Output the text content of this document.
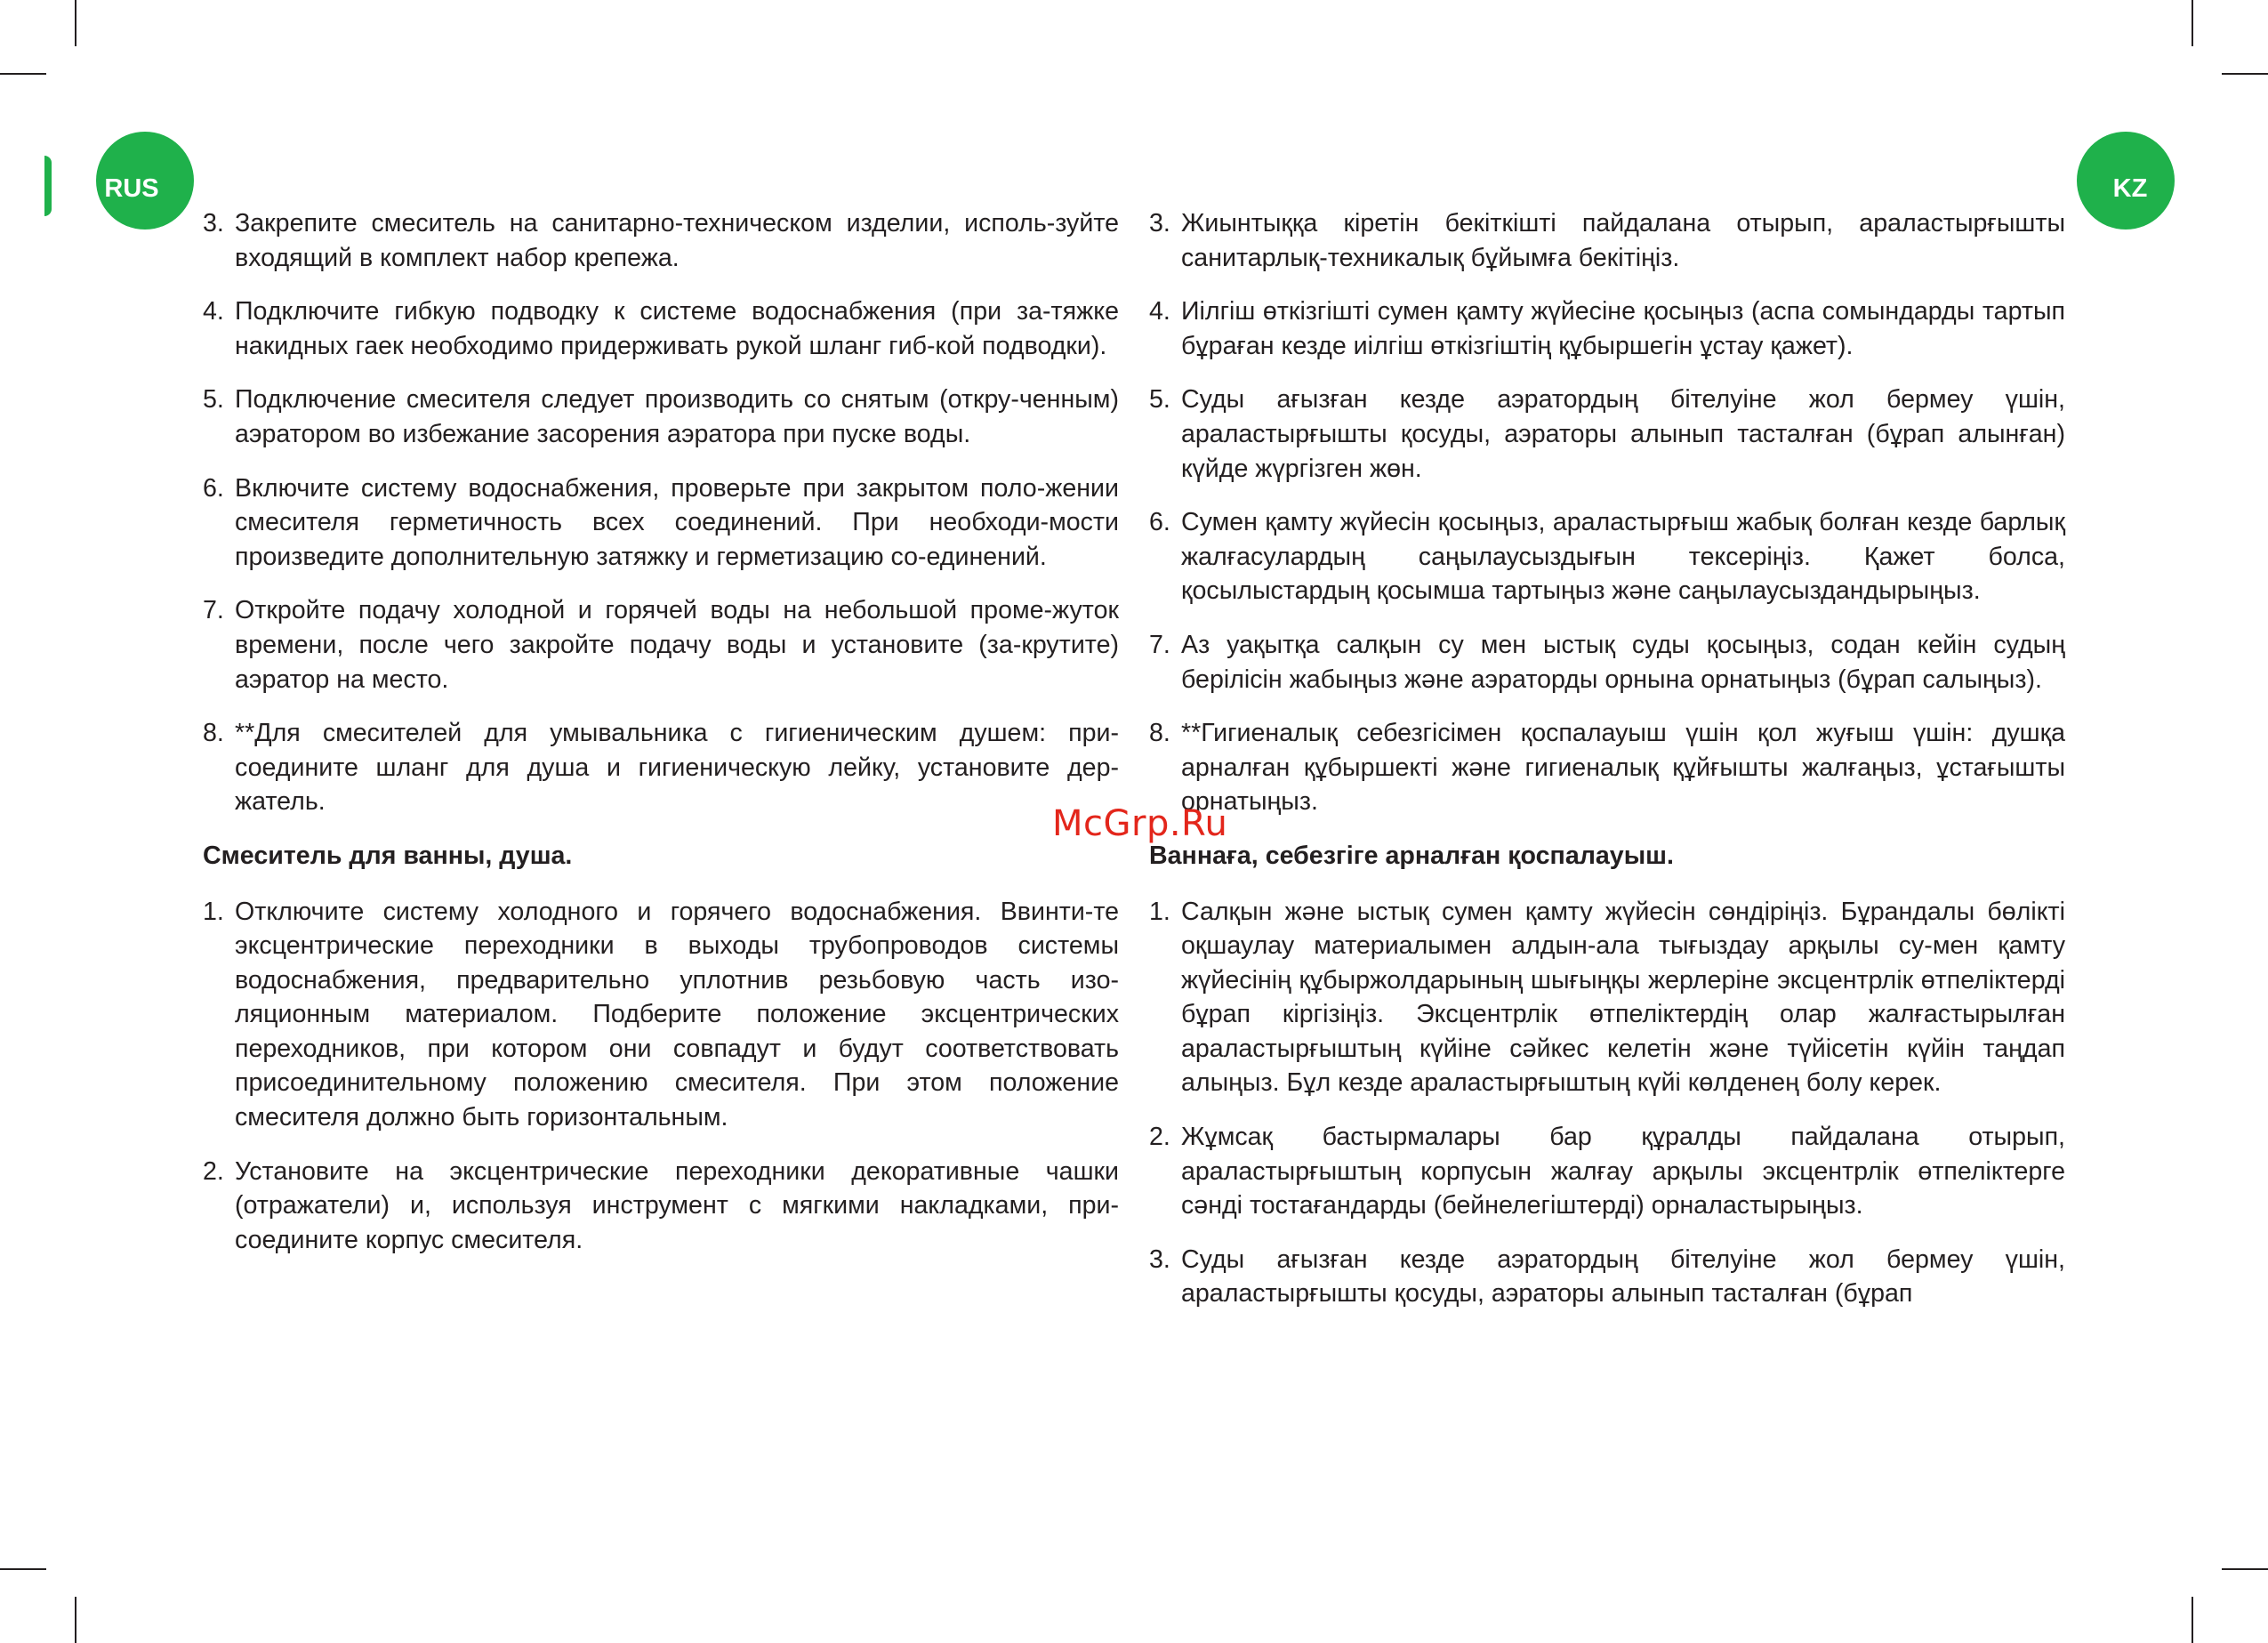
RUS	KZ
3. Закрепите смеситель на санитарно-техническом изделии, исполь-зуйте входящий в комплект набор крепежа.
4. Подключите гибкую подводку к системе водоснабжения (при за-тяжке накидных гаек необходимо придерживать рукой шланг гиб-кой подводки).
5. Подключение смесителя следует производить со снятым (откру-ченным) аэратором во избежание засорения аэратора при пуске воды.
6. Включите систему водоснабжения, проверьте при закрытом поло-жении смесителя герметичность всех соединений. При необходи-мости произведите дополнительную затяжку и герметизацию со-единений.
7. Откройте подачу холодной и горячей воды на небольшой проме-жуток времени, после чего закройте подачу воды и установите (за-крутите) аэратор на место.
8. **Для смесителей для умывальника с гигиеническим душем: при-соедините шланг для душа и гигиеническую лейку, установите дер-жатель.
Смеситель для ванны, душа.
1. Отключите систему холодного и горячего водоснабжения. Ввинти-те эксцентрические переходники в выходы трубопроводов системы водоснабжения, предварительно уплотнив резьбовую часть изо-ляционным материалом. Подберите положение эксцентрических переходников, при котором они совпадут и будут соответствовать присоединительному положению смесителя. При этом положение смесителя должно быть горизонтальным.
2. Установите на эксцентрические переходники декоративные чашки (отражатели) и, используя инструмент с мягкими накладками, при-соедините корпус смесителя.
3. Жиынтыққа кіретін бекіткішті пайдалана отырып, араластырғышты санитарлық-техникалық бұйымға бекітіңіз.
4. Иілгіш өткізгішті сумен қамту жүйесіне қосыңыз (аспа сомындарды тартып бұраған кезде иілгіш өткізгіштің құбыршегін ұстау қажет).
5. Суды ағызған кезде аэратордың бітелуіне жол бермеу үшін, араластырғышты қосуды, аэраторы алынып тасталған (бұрап алынған) күйде жүргізген жөн.
6. Сумен қамту жүйесін қосыңыз, араластырғыш жабық болған кезде барлық жалғасулардың саңылаусыздығын тексеріңіз. Қажет болса, қосылыстардың қосымша тартыңыз және саңылаусыздандырыңыз.
7. Аз уақытқа салқын су мен ыстық суды қосыңыз, содан кейін судың берілісін жабыңыз және аэраторды орнына орнатыңыз (бұрап салыңыз).
8. **Гигиеналық себезгісімен қоспалауыш үшін қол жуғыш үшін: душқа арналған құбыршекті және гигиеналық құйғышты жалғаңыз, ұстағышты орнатыңыз.
Ваннаға, себезгіге арналған қоспалауыш.
1. Салқын және ыстық сумен қамту жүйесін сөндіріңіз. Бұрандалы бөлікті оқшаулау материалымен алдын-ала тығыздау арқылы су-мен қамту жүйесінің құбыржолдарының шығыңқы жерлеріне эксцентрлік өтпеліктерді бұрап кіргізіңіз. Эксцентрлік өтпеліктердің олар жалғастырылған араластырғыштың күйіне сәйкес келетін және түйісетін күйін таңдап алыңыз. Бұл кезде араластырғыштың күйі көлденең болу керек.
2. Жұмсақ бастырмалары бар құралды пайдалана отырып, араластырғыштың корпусын жалғау арқылы эксцентрлік өтпеліктерге сәнді тостағандарды (бейнелегіштерді) орналастырыңыз.
3. Суды ағызған кезде аэратордың бітелуіне жол бермеу үшін, араластырғышты қосуды, аэраторы алынып тасталған (бұрап
McGrp.Ru
